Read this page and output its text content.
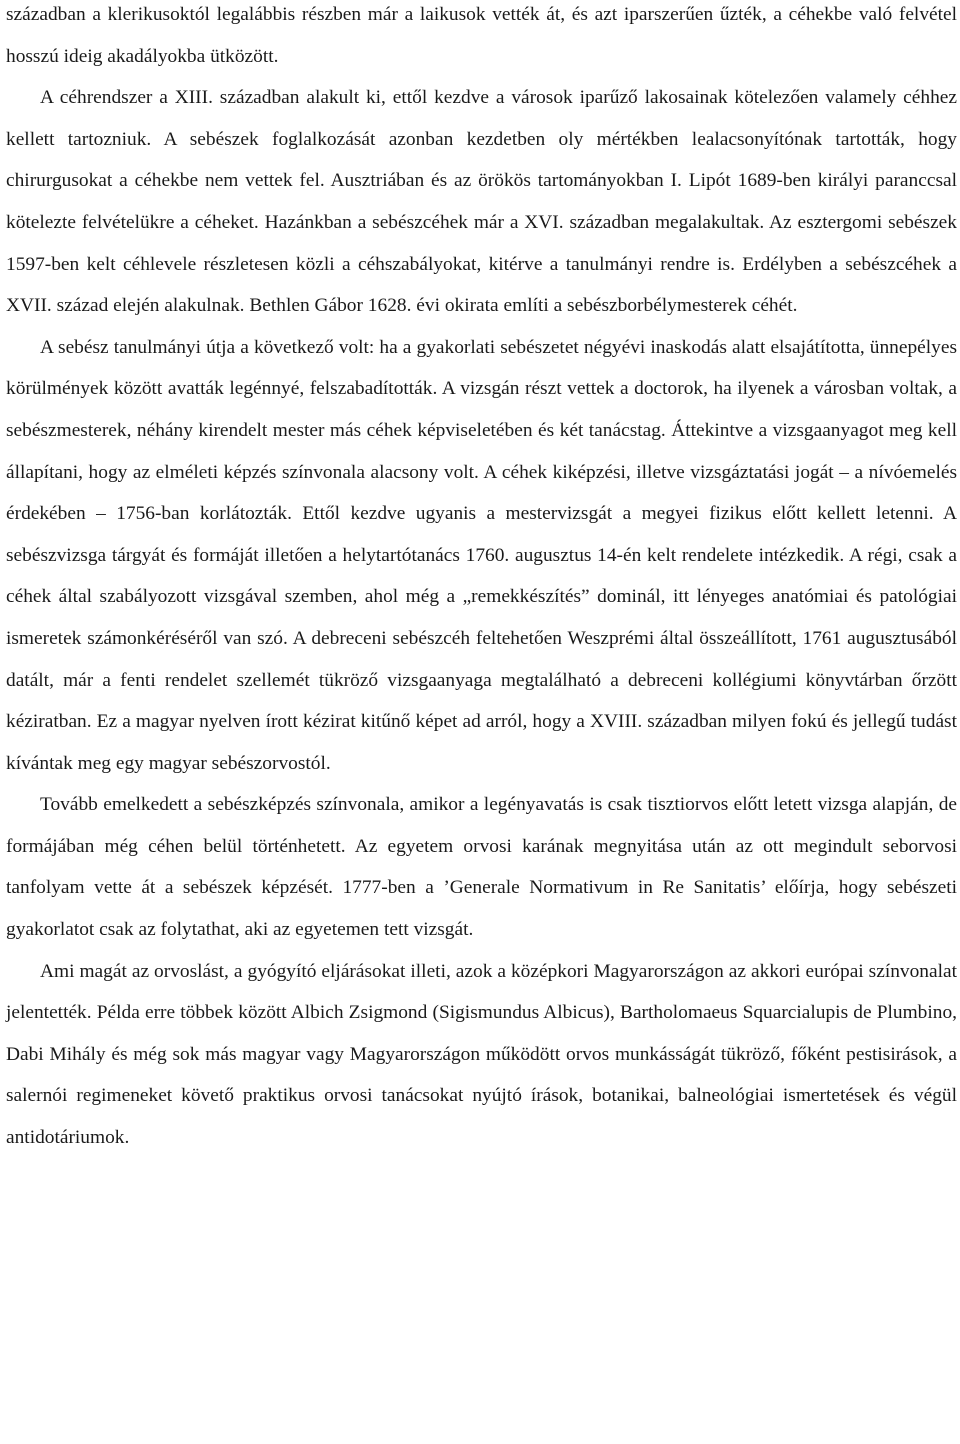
században a klerikusoktól legalábbis részben már a laikusok vették át, és azt iparszerűen űzték, a céhekbe való felvétel hosszú ideig akadályokba ütközött.

A céhrendszer a XIII. században alakult ki, ettől kezdve a városok iparűző lakosainak kötelezően valamely céhhez kellett tartozniuk. A sebészek foglalkozását azonban kezdetben oly mértékben lealacsonyítónak tartották, hogy chirurgusokat a céhekbe nem vettek fel. Ausztriában és az örökös tartományokban I. Lipót 1689-ben királyi paranccsal kötelezte felvételükre a céheket. Hazánkban a sebészcéhek már a XVI. században megalakultak. Az esztergomi sebészek 1597-ben kelt céhlevele részletesen közli a céhszabályokat, kitérve a tanulmányi rendre is. Erdélyben a sebészcéhek a XVII. század elején alakulnak. Bethlen Gábor 1628. évi okirata említi a sebészborbélymesterek céhét.

A sebész tanulmányi útja a következő volt: ha a gyakorlati sebészetet négyévi inaskodás alatt elsajátította, ünnepélyes körülmények között avatták legénnyé, felszabadították. A vizsgán részt vettek a doctorok, ha ilyenek a városban voltak, a sebészmesterek, néhány kirendelt mester más céhek képviseletében és két tanácstag. Áttekintve a vizsgaanyagot meg kell állapítani, hogy az elméleti képzés színvonala alacsony volt. A céhek kiképzési, illetve vizsgáztatási jogát – a nívóemelés érdekében – 1756-ban korlátozták. Ettől kezdve ugyanis a mestervizsgát a megyei fizikus előtt kellett letenni. A sebészvizsga tárgyát és formáját illetően a helytartótanács 1760. augusztus 14-én kelt rendelete intézkedik. A régi, csak a céhek által szabályozott vizsgával szemben, ahol még a „remekkészítés” dominál, itt lényeges anatómiai és patológiai ismeretek számonkéréséről van szó. A debreceni sebészcéh feltehetően Weszprémi által összeállított, 1761 augusztusából datált, már a fenti rendelet szellemét tükröző vizsgaanyaga megtalálható a debreceni kollégiumi könyvtárban őrzött kéziratban. Ez a magyar nyelven írott kézirat kitűnő képet ad arról, hogy a XVIII. században milyen fokú és jellegű tudást kívántak meg egy magyar sebészorvostól.

Tovább emelkedett a sebészképzés színvonala, amikor a legényavatás is csak tisztiorvos előtt letett vizsga alapján, de formájában még céhen belül történhetett. Az egyetem orvosi karának megnyitása után az ott megindult seborvosi tanfolyam vette át a sebészek képzését. 1777-ben a ’Generale Normativum in Re Sanitatis’ előírja, hogy sebészeti gyakorlatot csak az folytathat, aki az egyetemen tett vizsgát.

Ami magát az orvoslást, a gyógyító eljárásokat illeti, azok a középkori Magyarországon az akkori európai színvonalat jelentették. Példa erre többek között Albich Zsigmond (Sigismundus Albicus), Bartholomaeus Squarcialupis de Plumbino, Dabi Mihály és még sok más magyar vagy Magyarországon működött orvos munkásságát tükröző, főként pestisirások, a salernói regimeneket követő praktikus orvosi tanácsokat nyújtó írások, botanikai, balneológiai ismertetések és végül antidotáriumok.
